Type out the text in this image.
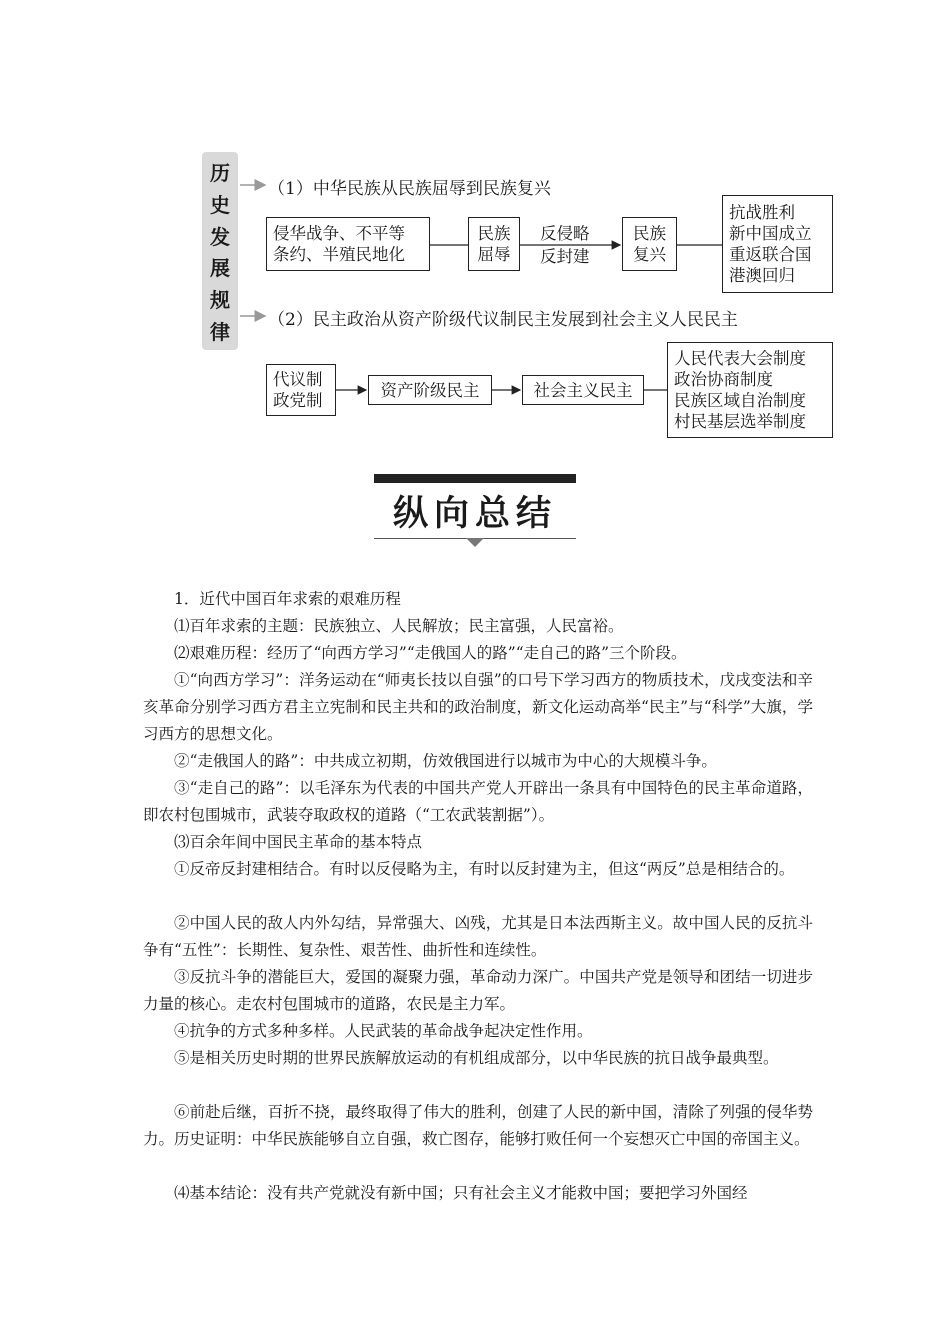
历
史
发
展
规
律
（1）中华民族从民族屈辱到民族复兴
侵华战争、不平等
条约、半殖民地化
民族
屈辱
反侵略
反封建
民族
复兴
抗战胜利
新中国成立
重返联合国
港澳回归
（2）民主政治从资产阶级代议制民主发展到社会主义人民民主
代议制
政党制
资产阶级民主	社会主义民主
人民代表大会制度
政治协商制度
民族区域自治制度
村民基层选举制度
纵向总结
1．近代中国百年求索的艰难历程
⑴百年求索的主题：民族独立、人民解放；民主富强，人民富裕。
⑵艰难历程：经历了“向西方学习”“走俄国人的路”“走自己的路”三个阶段。
①“向西方学习”：洋务运动在“师夷长技以自强”的口号下学习西方的物质技术，戊戌变法和辛亥革命分别学习西方君主立宪制和民主共和的政治制度，新文化运动高举“民主”与“科学”大旗，学习西方的思想文化。
②“走俄国人的路”：中共成立初期，仿效俄国进行以城市为中心的大规模斗争。
③“走自己的路”：以毛泽东为代表的中国共产党人开辟出一条具有中国特色的民主革命道路，即农村包围城市，武装夺取政权的道路（“工农武装割据”）。
⑶百余年间中国民主革命的基本特点
①反帝反封建相结合。有时以反侵略为主，有时以反封建为主，但这“两反”总是相结合的。
②中国人民的敌人内外勾结，异常强大、凶残，尤其是日本法西斯主义。故中国人民的反抗斗争有“五性”：长期性、复杂性、艰苦性、曲折性和连续性。
③反抗斗争的潜能巨大，爱国的凝聚力强，革命动力深广。中国共产党是领导和团结一切进步力量的核心。走农村包围城市的道路，农民是主力军。
④抗争的方式多种多样。人民武装的革命战争起决定性作用。
⑤是相关历史时期的世界民族解放运动的有机组成部分，以中华民族的抗日战争最典型。
⑥前赴后继，百折不挠，最终取得了伟大的胜利，创建了人民的新中国，清除了列强的侵华势力。历史证明：中华民族能够自立自强，救亡图存，能够打败任何一个妄想灭亡中国的帝国主义。
⑷基本结论：没有共产党就没有新中国；只有社会主义才能救中国；要把学习外国经
